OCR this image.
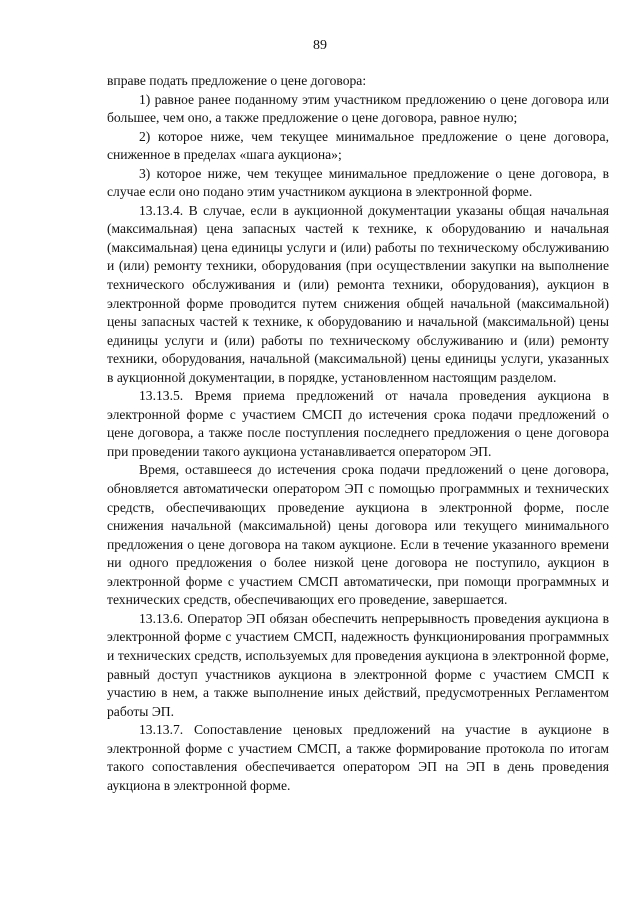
89

вправе подать предложение о цене договора:

1) равное ранее поданному этим участником предложению о цене договора или большее, чем оно, а также предложение о цене договора, равное нулю;

2) которое ниже, чем текущее минимальное предложение о цене договора, сниженное в пределах «шага аукциона»;

3) которое ниже, чем текущее минимальное предложение о цене договора, в случае если оно подано этим участником аукциона в электронной форме.

13.13.4. В случае, если в аукционной документации указаны общая начальная (максимальная) цена запасных частей к технике, к оборудованию и начальная (максимальная) цена единицы услуги и (или) работы по техническому обслуживанию и (или) ремонту техники, оборудования (при осуществлении закупки на выполнение технического обслуживания и (или) ремонта техники, оборудования), аукцион в электронной форме проводится путем снижения общей начальной (максимальной) цены запасных частей к технике, к оборудованию и начальной (максимальной) цены единицы услуги и (или) работы по техническому обслуживанию и (или) ремонту техники, оборудования, начальной (максимальной) цены единицы услуги, указанных в аукционной документации, в порядке, установленном настоящим разделом.

13.13.5. Время приема предложений от начала проведения аукциона в электронной форме с участием СМСП до истечения срока подачи предложений о цене договора, а также после поступления последнего предложения о цене договора при проведении такого аукциона устанавливается оператором ЭП.

Время, оставшееся до истечения срока подачи предложений о цене договора, обновляется автоматически оператором ЭП с помощью программных и технических средств, обеспечивающих проведение аукциона в электронной форме, после снижения начальной (максимальной) цены договора или текущего минимального предложения о цене договора на таком аукционе. Если в течение указанного времени ни одного предложения о более низкой цене договора не поступило, аукцион в электронной форме с участием СМСП автоматически, при помощи программных и технических средств, обеспечивающих его проведение, завершается.

13.13.6. Оператор ЭП обязан обеспечить непрерывность проведения аукциона в электронной форме с участием СМСП, надежность функционирования программных и технических средств, используемых для проведения аукциона в электронной форме, равный доступ участников аукциона в электронной форме с участием СМСП к участию в нем, а также выполнение иных действий, предусмотренных Регламентом работы ЭП.

13.13.7. Сопоставление ценовых предложений на участие в аукционе в электронной форме с участием СМСП, а также формирование протокола по итогам такого сопоставления обеспечивается оператором ЭП на ЭП в день проведения аукциона в электронной форме.
